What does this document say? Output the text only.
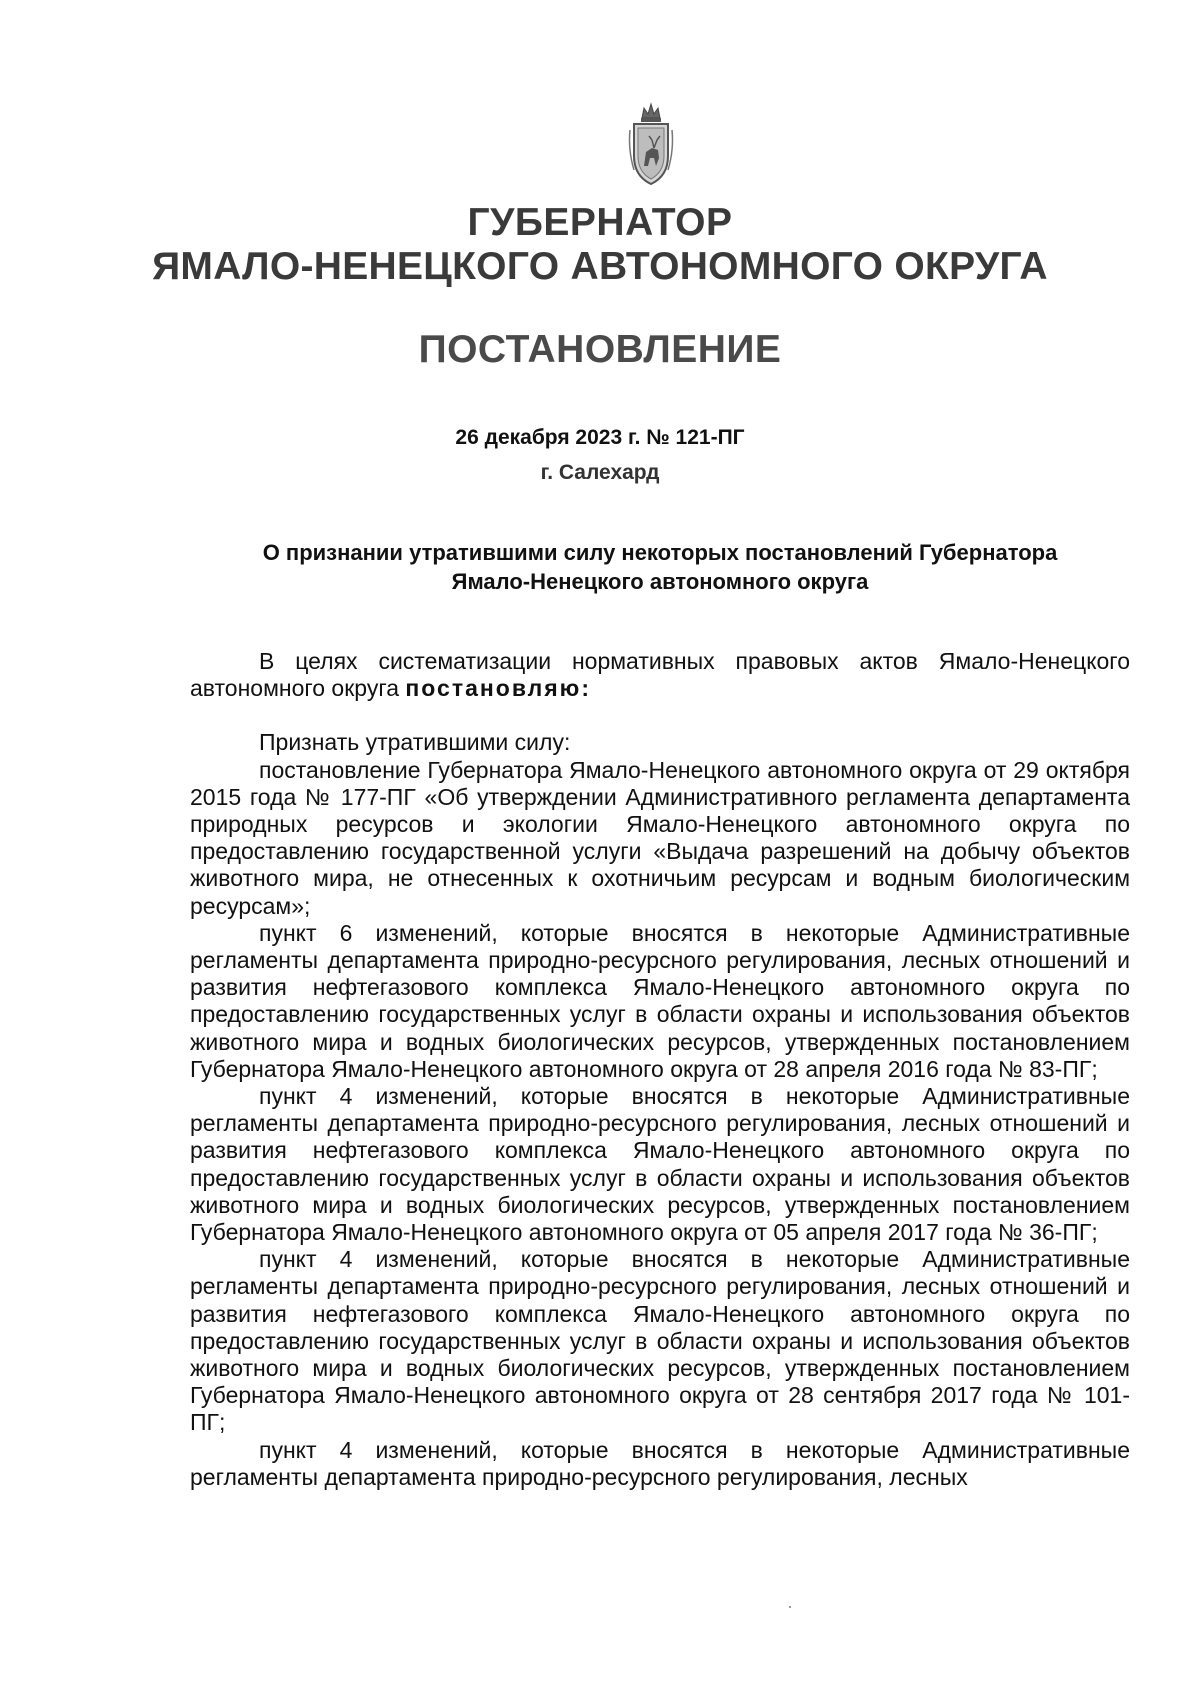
ГУБЕРНАТОР
ЯМАЛО-НЕНЕЦКОГО АВТОНОМНОГО ОКРУГА
ПОСТАНОВЛЕНИЕ
26 декабря 2023 г. № 121-ПГ
г. Салехард
О признании утратившими силу некоторых постановлений Губернатора
Ямало-Ненецкого автономного округа

В целях систематизации нормативных правовых актов Ямало-Ненецкого автономного округа постановляю:

Признать утратившими силу:

постановление Губернатора Ямало-Ненецкого автономного округа от 29 октября 2015 года № 177-ПГ «Об утверждении Административного регламента департамента природных ресурсов и экологии Ямало-Ненецкого автономного округа по предоставлению государственной услуги «Выдача разрешений на добычу объектов животного мира, не отнесенных к охотничьим ресурсам и водным биологическим ресурсам»;

пункт 6 изменений, которые вносятся в некоторые Административные регламенты департамента природно-ресурсного регулирования, лесных отношений и развития нефтегазового комплекса Ямало-Ненецкого автономного округа по предоставлению государственных услуг в области охраны и использования объектов животного мира и водных биологических ресурсов, утвержденных постановлением Губернатора Ямало-Ненецкого автономного округа от 28 апреля 2016 года № 83-ПГ;

пункт 4 изменений, которые вносятся в некоторые Административные регламенты департамента природно-ресурсного регулирования, лесных отношений и развития нефтегазового комплекса Ямало-Ненецкого автономного округа по предоставлению государственных услуг в области охраны и использования объектов животного мира и водных биологических ресурсов, утвержденных постановлением Губернатора Ямало-Ненецкого автономного округа от 05 апреля 2017 года № 36-ПГ;

пункт 4 изменений, которые вносятся в некоторые Административные регламенты департамента природно-ресурсного регулирования, лесных отношений и развития нефтегазового комплекса Ямало-Ненецкого автономного округа по предоставлению государственных услуг в области охраны и использования объектов животного мира и водных биологических ресурсов, утвержденных постановлением Губернатора Ямало-Ненецкого автономного округа от 28 сентября 2017 года № 101-ПГ;

пункт 4 изменений, которые вносятся в некоторые Административные регламенты департамента природно-ресурсного регулирования, лесных
